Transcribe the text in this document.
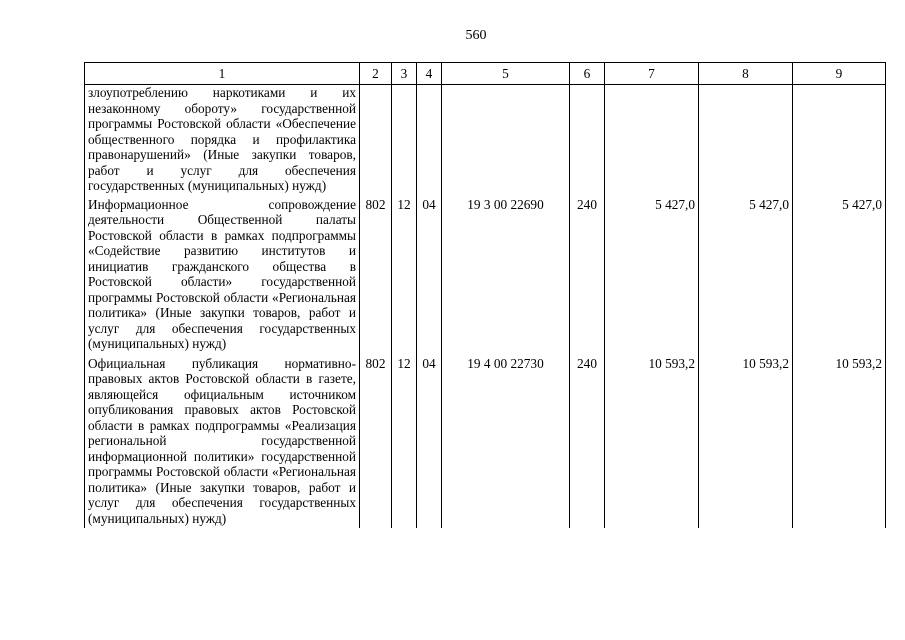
560
1	2	3	4	5	6	7	8	9
злоупотреблению наркотиками и их незаконному обороту» государственной программы Ростовской области «Обеспечение общественного порядка и профилактика правонарушений» (Иные закупки товаров, работ и услуг для обеспечения государственных (муниципальных) нужд)								
Информационное сопровождение деятельности Общественной палаты Ростовской области в рамках подпрограммы «Содействие развитию институтов и инициатив гражданского общества в Ростовской области» государственной программы Ростовской области «Региональная политика» (Иные закупки товаров, работ и услуг для обеспечения государственных (муниципальных) нужд)	802	12	04	19 3 00 22690	240	5 427,0	5 427,0	5 427,0
Официальная публикация нормативно-правовых актов Ростовской области в газете, являющейся официальным источником опубликования правовых актов Ростовской области в рамках подпрограммы «Реализация региональной государственной информационной политики» государственной программы Ростовской области «Региональная политика» (Иные закупки товаров, работ и услуг для обеспечения государственных (муниципальных) нужд)	802	12	04	19 4 00 22730	240	10 593,2	10 593,2	10 593,2
